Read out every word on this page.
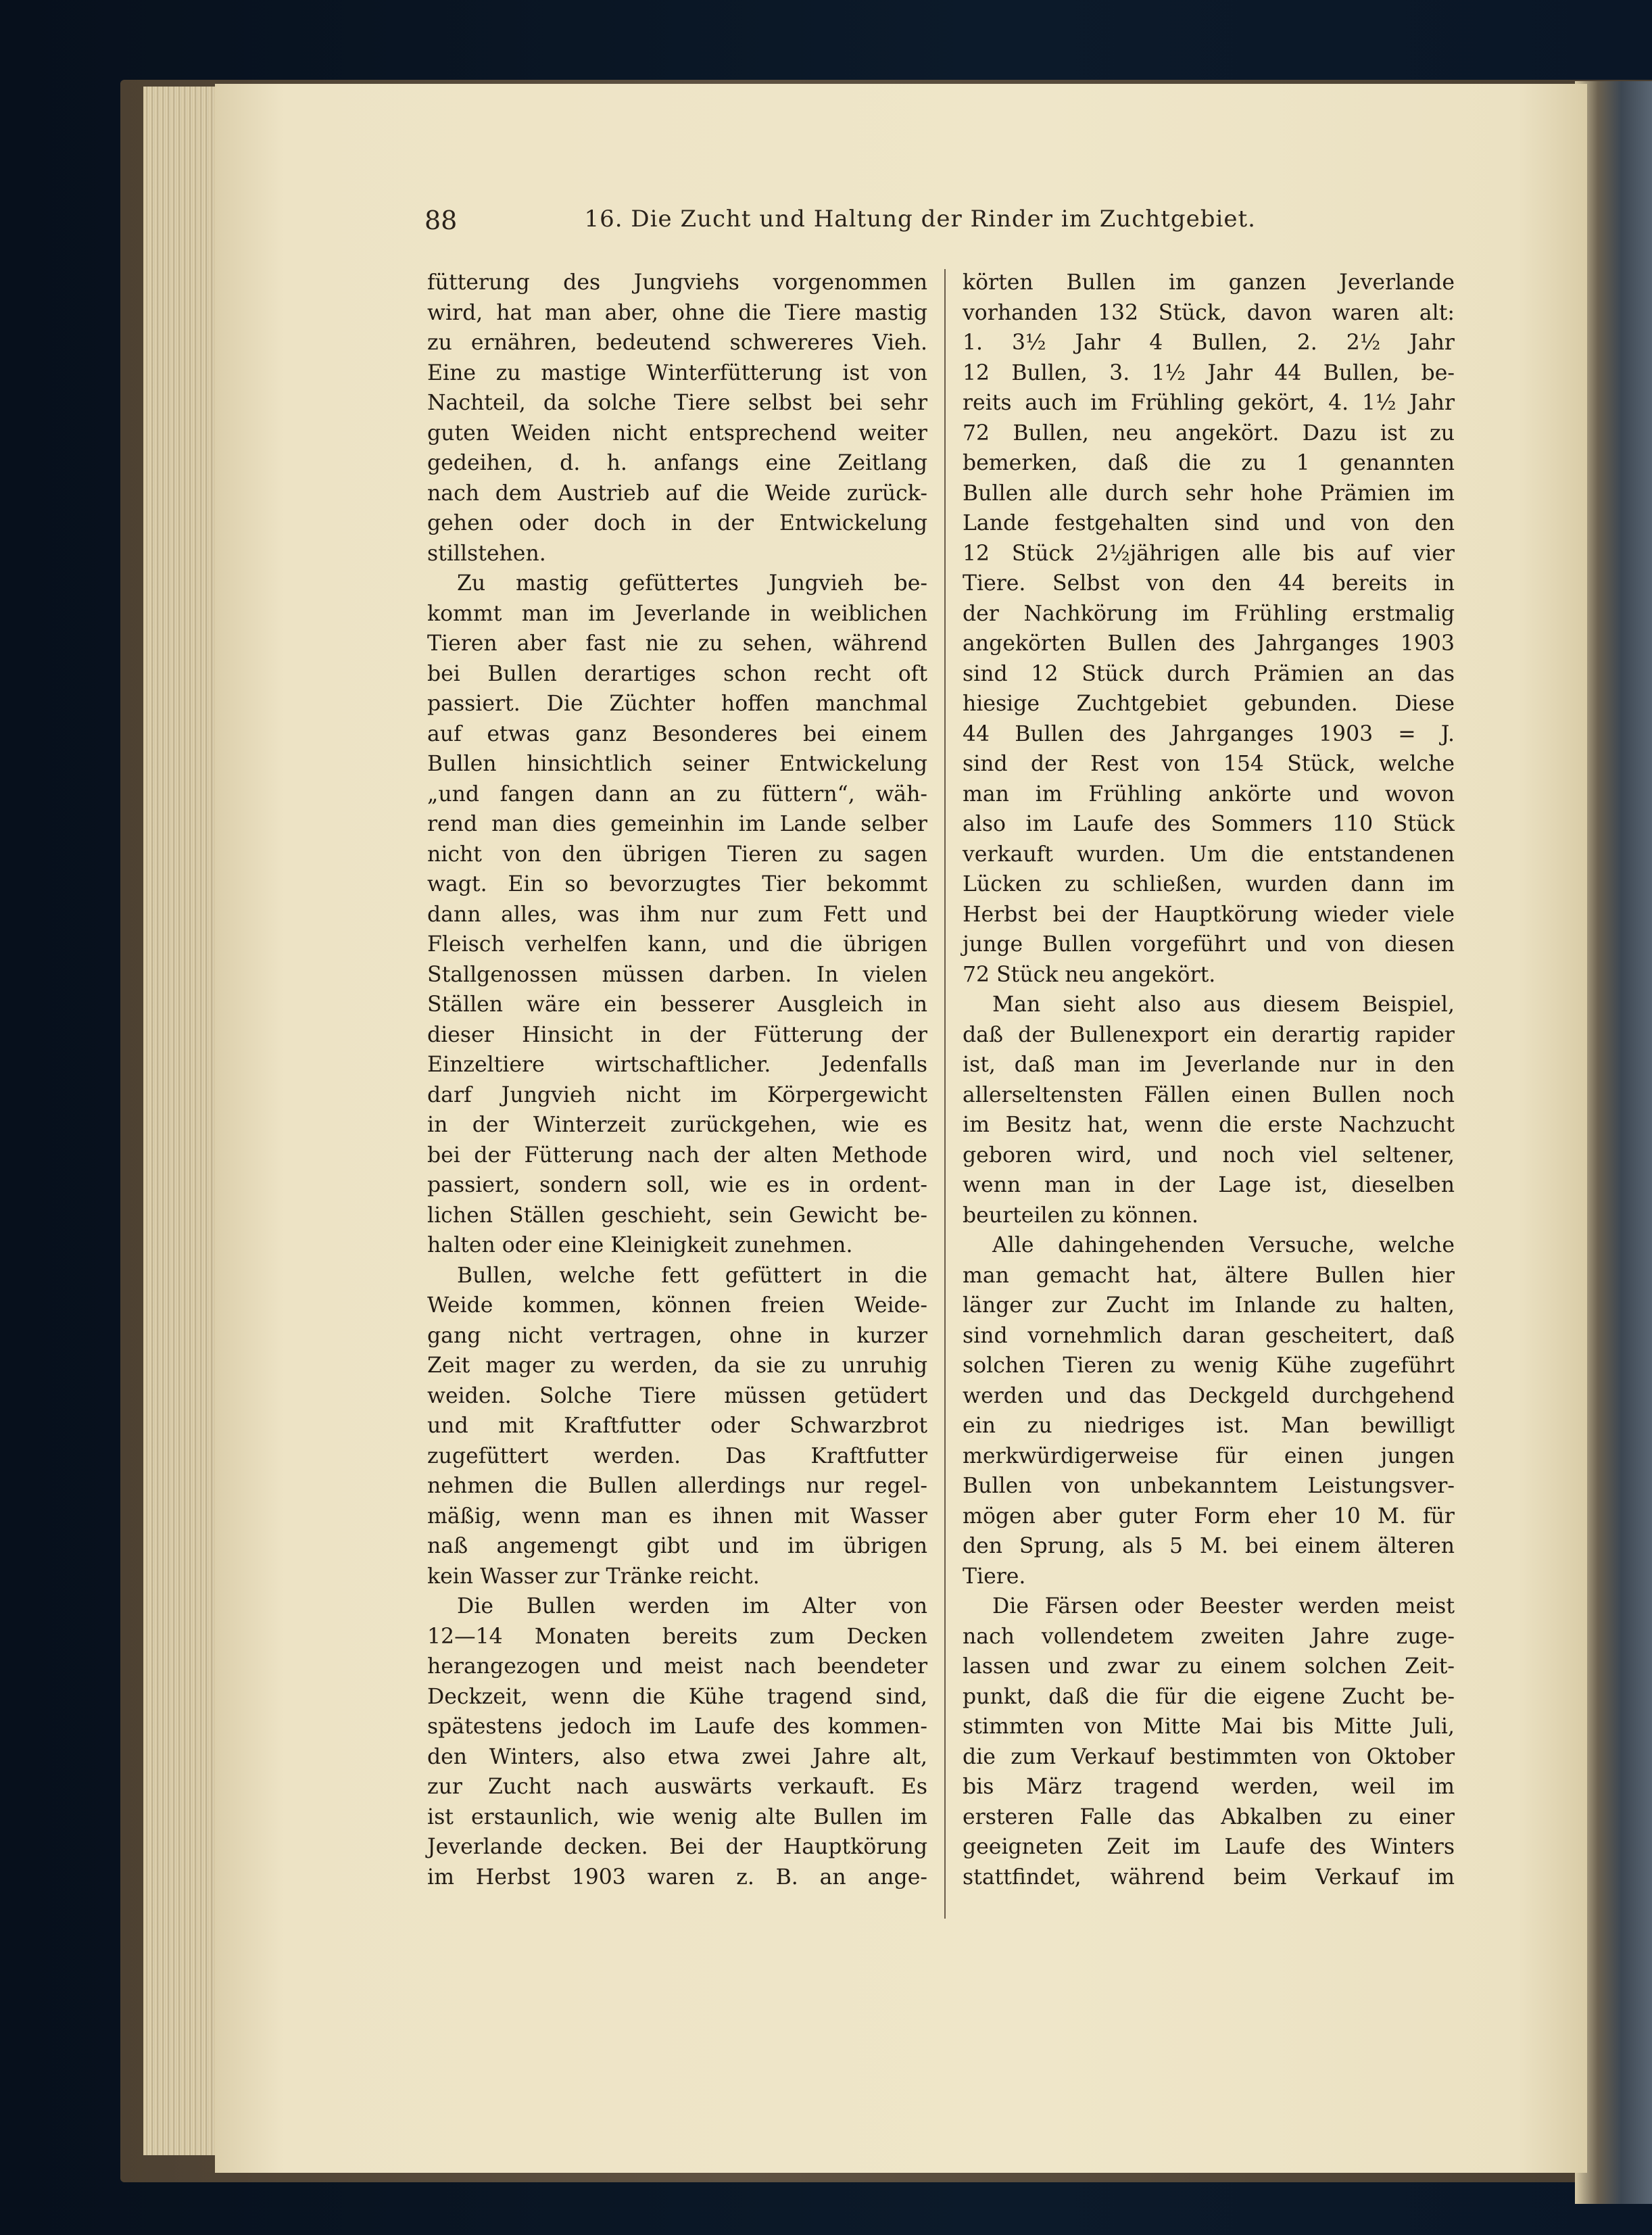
88	16. Die Zucht und Haltung der Rinder im Zuchtgebiet.
fütterung des Jungviehs vorgenommen
wird, hat man aber, ohne die Tiere mastig
zu ernähren, bedeutend schwereres Vieh.
Eine zu mastige Winterfütterung ist von
Nachteil, da solche Tiere selbst bei sehr
guten Weiden nicht entsprechend weiter
gedeihen, d. h. anfangs eine Zeitlang
nach dem Austrieb auf die Weide zurück-
gehen oder doch in der Entwickelung
stillstehen.
Zu mastig gefüttertes Jungvieh be-
kommt man im Jeverlande in weiblichen
Tieren aber fast nie zu sehen, während
bei Bullen derartiges schon recht oft
passiert. Die Züchter hoffen manchmal
auf etwas ganz Besonderes bei einem
Bullen hinsichtlich seiner Entwickelung
„und fangen dann an zu füttern“, wäh-
rend man dies gemeinhin im Lande selber
nicht von den übrigen Tieren zu sagen
wagt. Ein so bevorzugtes Tier bekommt
dann alles, was ihm nur zum Fett und
Fleisch verhelfen kann, und die übrigen
Stallgenossen müssen darben. In vielen
Ställen wäre ein besserer Ausgleich in
dieser Hinsicht in der Fütterung der
Einzeltiere wirtschaftlicher. Jedenfalls
darf Jungvieh nicht im Körpergewicht
in der Winterzeit zurückgehen, wie es
bei der Fütterung nach der alten Methode
passiert, sondern soll, wie es in ordent-
lichen Ställen geschieht, sein Gewicht be-
halten oder eine Kleinigkeit zunehmen.
Bullen, welche fett gefüttert in die
Weide kommen, können freien Weide-
gang nicht vertragen, ohne in kurzer
Zeit mager zu werden, da sie zu unruhig
weiden. Solche Tiere müssen getüdert
und mit Kraftfutter oder Schwarzbrot
zugefüttert werden. Das Kraftfutter
nehmen die Bullen allerdings nur regel-
mäßig, wenn man es ihnen mit Wasser
naß angemengt gibt und im übrigen
kein Wasser zur Tränke reicht.
Die Bullen werden im Alter von
12—14 Monaten bereits zum Decken
herangezogen und meist nach beendeter
Deckzeit, wenn die Kühe tragend sind,
spätestens jedoch im Laufe des kommen-
den Winters, also etwa zwei Jahre alt,
zur Zucht nach auswärts verkauft. Es
ist erstaunlich, wie wenig alte Bullen im
Jeverlande decken. Bei der Hauptkörung
im Herbst 1903 waren z. B. an ange-
körten Bullen im ganzen Jeverlande
vorhanden 132 Stück, davon waren alt:
1. 3½ Jahr 4 Bullen, 2. 2½ Jahr
12 Bullen, 3. 1½ Jahr 44 Bullen, be-
reits auch im Frühling gekört, 4. 1½ Jahr
72 Bullen, neu angekört. Dazu ist zu
bemerken, daß die zu 1 genannten
Bullen alle durch sehr hohe Prämien im
Lande festgehalten sind und von den
12 Stück 2½jährigen alle bis auf vier
Tiere. Selbst von den 44 bereits in
der Nachkörung im Frühling erstmalig
angekörten Bullen des Jahrganges 1903
sind 12 Stück durch Prämien an das
hiesige Zuchtgebiet gebunden. Diese
44 Bullen des Jahrganges 1903 = J.
sind der Rest von 154 Stück, welche
man im Frühling ankörte und wovon
also im Laufe des Sommers 110 Stück
verkauft wurden. Um die entstandenen
Lücken zu schließen, wurden dann im
Herbst bei der Hauptkörung wieder viele
junge Bullen vorgeführt und von diesen
72 Stück neu angekört.
Man sieht also aus diesem Beispiel,
daß der Bullenexport ein derartig rapider
ist, daß man im Jeverlande nur in den
allerseltensten Fällen einen Bullen noch
im Besitz hat, wenn die erste Nachzucht
geboren wird, und noch viel seltener,
wenn man in der Lage ist, dieselben
beurteilen zu können.
Alle dahingehenden Versuche, welche
man gemacht hat, ältere Bullen hier
länger zur Zucht im Inlande zu halten,
sind vornehmlich daran gescheitert, daß
solchen Tieren zu wenig Kühe zugeführt
werden und das Deckgeld durchgehend
ein zu niedriges ist. Man bewilligt
merkwürdigerweise für einen jungen
Bullen von unbekanntem Leistungsver-
mögen aber guter Form eher 10 M. für
den Sprung, als 5 M. bei einem älteren
Tiere.
Die Färsen oder Beester werden meist
nach vollendetem zweiten Jahre zuge-
lassen und zwar zu einem solchen Zeit-
punkt, daß die für die eigene Zucht be-
stimmten von Mitte Mai bis Mitte Juli,
die zum Verkauf bestimmten von Oktober
bis März tragend werden, weil im
ersteren Falle das Abkalben zu einer
geeigneten Zeit im Laufe des Winters
stattfindet, während beim Verkauf im
